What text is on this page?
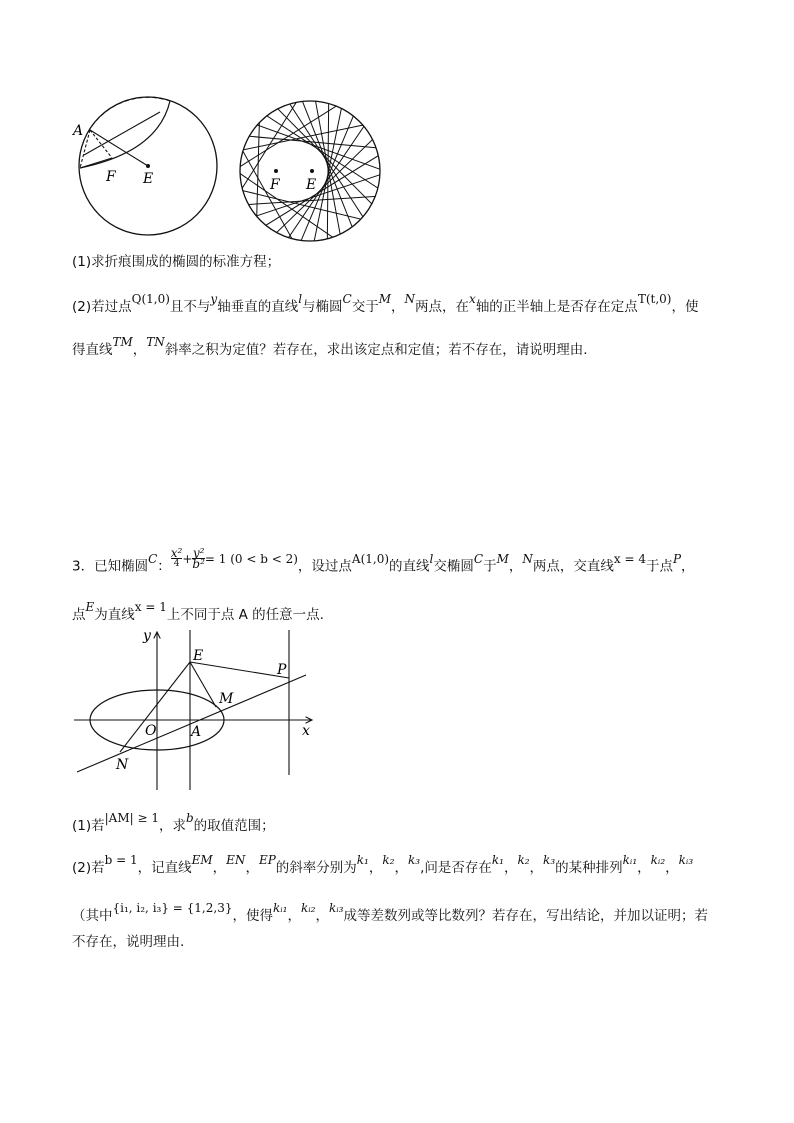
A
F E	F E
(1)求折痕围成的椭圆的标准方程；
(2)若过点Q(1,0)且不与y轴垂直的直线l与椭圆C交于M，N两点，在x轴的正半轴上是否存在定点T(t,0)，使
得直线TM，TN斜率之积为定值？若存在，求出该定点和定值；若不存在，请说明理由.
3．已知椭圆C： $\frac{\text{x²}}{4} + \frac{\text{y²}}{\text{b²}} = 1$ (0 < b < 2)，设过点A(1,0)的直线l交椭圆C于M，N两点，交直线x = 4于点P，
点E为直线x = 1上不同于点 A 的任意一点.
y
x
E
P
M
O A
N
(1)若|AM| ≥ 1，求b的取值范围；
(2)若b = 1，记直线EM，EN，EP的斜率分别为k₁，k₂，k₃,问是否存在k₁，k₂，k₃的某种排列kᵢ₁，kᵢ₂，kᵢ₃
（其中{i₁, i₂, i₃} = {1,2,3}，使得kᵢ₁，kᵢ₂，kᵢ₃成等差数列或等比数列？若存在，写出结论，并加以证明；若
不存在，说明理由.
